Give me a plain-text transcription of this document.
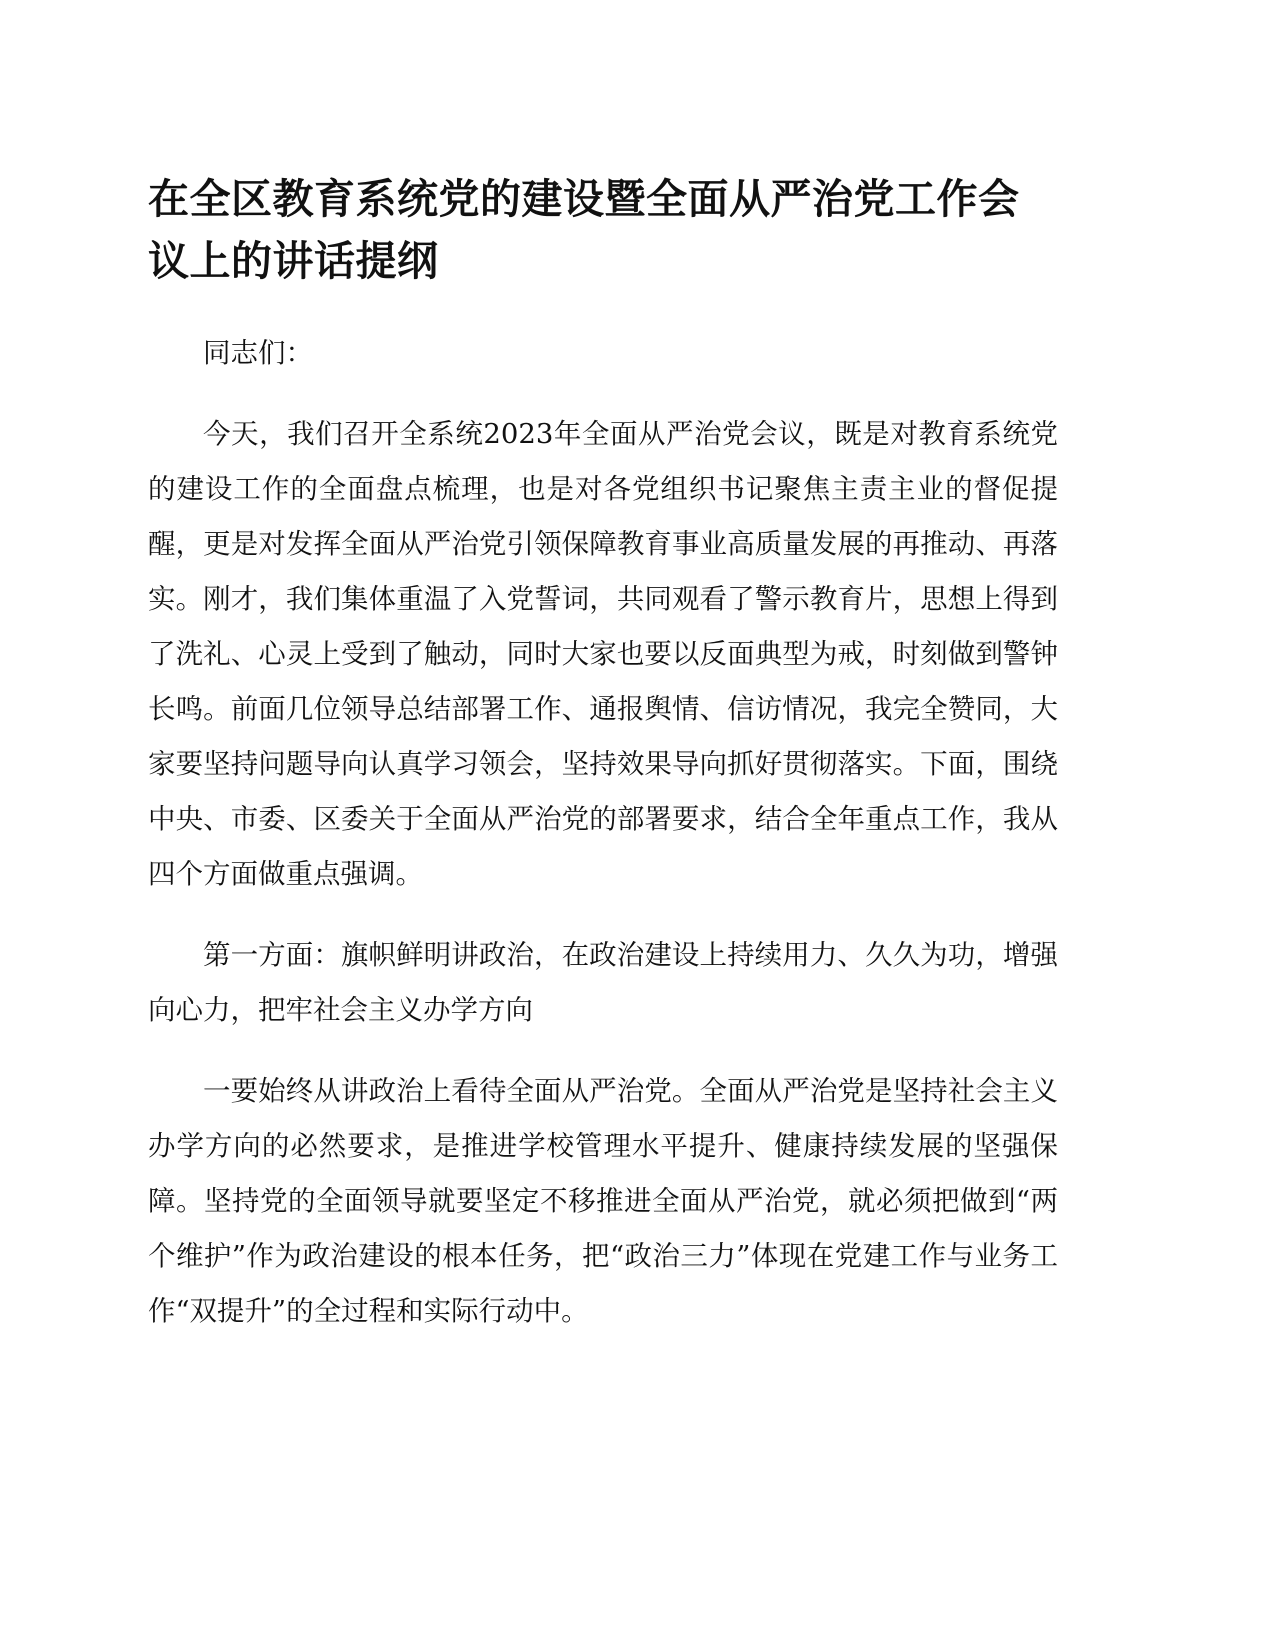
在全区教育系统党的建设暨全面从严治党工作会议上的讲话提纲

同志们：

今天，我们召开全系统2023年全面从严治党会议，既是对教育系统党的建设工作的全面盘点梳理，也是对各党组织书记聚焦主责主业的督促提醒，更是对发挥全面从严治党引领保障教育事业高质量发展的再推动、再落实。刚才，我们集体重温了入党誓词，共同观看了警示教育片，思想上得到了洗礼、心灵上受到了触动，同时大家也要以反面典型为戒，时刻做到警钟长鸣。前面几位领导总结部署工作、通报舆情、信访情况，我完全赞同，大家要坚持问题导向认真学习领会，坚持效果导向抓好贯彻落实。下面，围绕中央、市委、区委关于全面从严治党的部署要求，结合全年重点工作，我从四个方面做重点强调。

第一方面：旗帜鲜明讲政治，在政治建设上持续用力、久久为功，增强向心力，把牢社会主义办学方向

一要始终从讲政治上看待全面从严治党。全面从严治党是坚持社会主义办学方向的必然要求，是推进学校管理水平提升、健康持续发展的坚强保障。坚持党的全面领导就要坚定不移推进全面从严治党，就必须把做到“两个维护”作为政治建设的根本任务，把“政治三力”体现在党建工作与业务工作“双提升”的全过程和实际行动中。
